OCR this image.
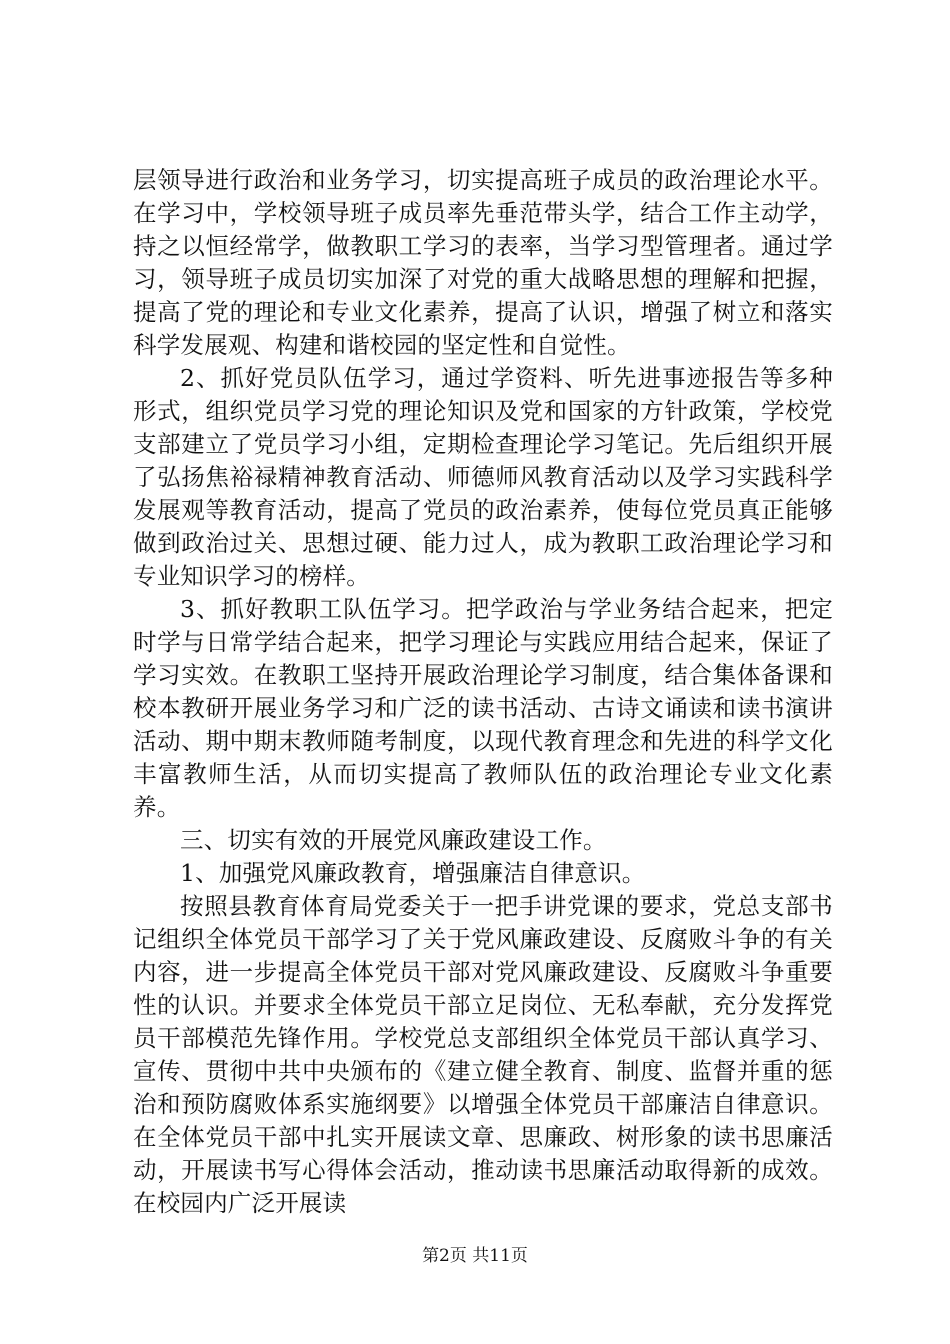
层领导进行政治和业务学习，切实提高班子成员的政治理论水平。在学习中，学校领导班子成员率先垂范带头学，结合工作主动学，持之以恒经常学，做教职工学习的表率，当学习型管理者。通过学习，领导班子成员切实加深了对党的重大战略思想的理解和把握，提高了党的理论和专业文化素养，提高了认识，增强了树立和落实科学发展观、构建和谐校园的坚定性和自觉性。

2、抓好党员队伍学习，通过学资料、听先进事迹报告等多种形式，组织党员学习党的理论知识及党和国家的方针政策，学校党支部建立了党员学习小组，定期检查理论学习笔记。先后组织开展了弘扬焦裕禄精神教育活动、师德师风教育活动以及学习实践科学发展观等教育活动，提高了党员的政治素养，使每位党员真正能够做到政治过关、思想过硬、能力过人，成为教职工政治理论学习和专业知识学习的榜样。

3、抓好教职工队伍学习。把学政治与学业务结合起来，把定时学与日常学结合起来，把学习理论与实践应用结合起来，保证了学习实效。在教职工坚持开展政治理论学习制度，结合集体备课和校本教研开展业务学习和广泛的读书活动、古诗文诵读和读书演讲活动、期中期末教师随考制度，以现代教育理念和先进的科学文化丰富教师生活，从而切实提高了教师队伍的政治理论专业文化素养。

三、切实有效的开展党风廉政建设工作。

1、加强党风廉政教育，增强廉洁自律意识。

按照县教育体育局党委关于一把手讲党课的要求，党总支部书记组织全体党员干部学习了关于党风廉政建设、反腐败斗争的有关内容，进一步提高全体党员干部对党风廉政建设、反腐败斗争重要性的认识。并要求全体党员干部立足岗位、无私奉献，充分发挥党员干部模范先锋作用。学校党总支部组织全体党员干部认真学习、宣传、贯彻中共中央颁布的《建立健全教育、制度、监督并重的惩治和预防腐败体系实施纲要》以增强全体党员干部廉洁自律意识。在全体党员干部中扎实开展读文章、思廉政、树形象的读书思廉活动，开展读书写心得体会活动，推动读书思廉活动取得新的成效。在校园内广泛开展读

第2页 共11页
